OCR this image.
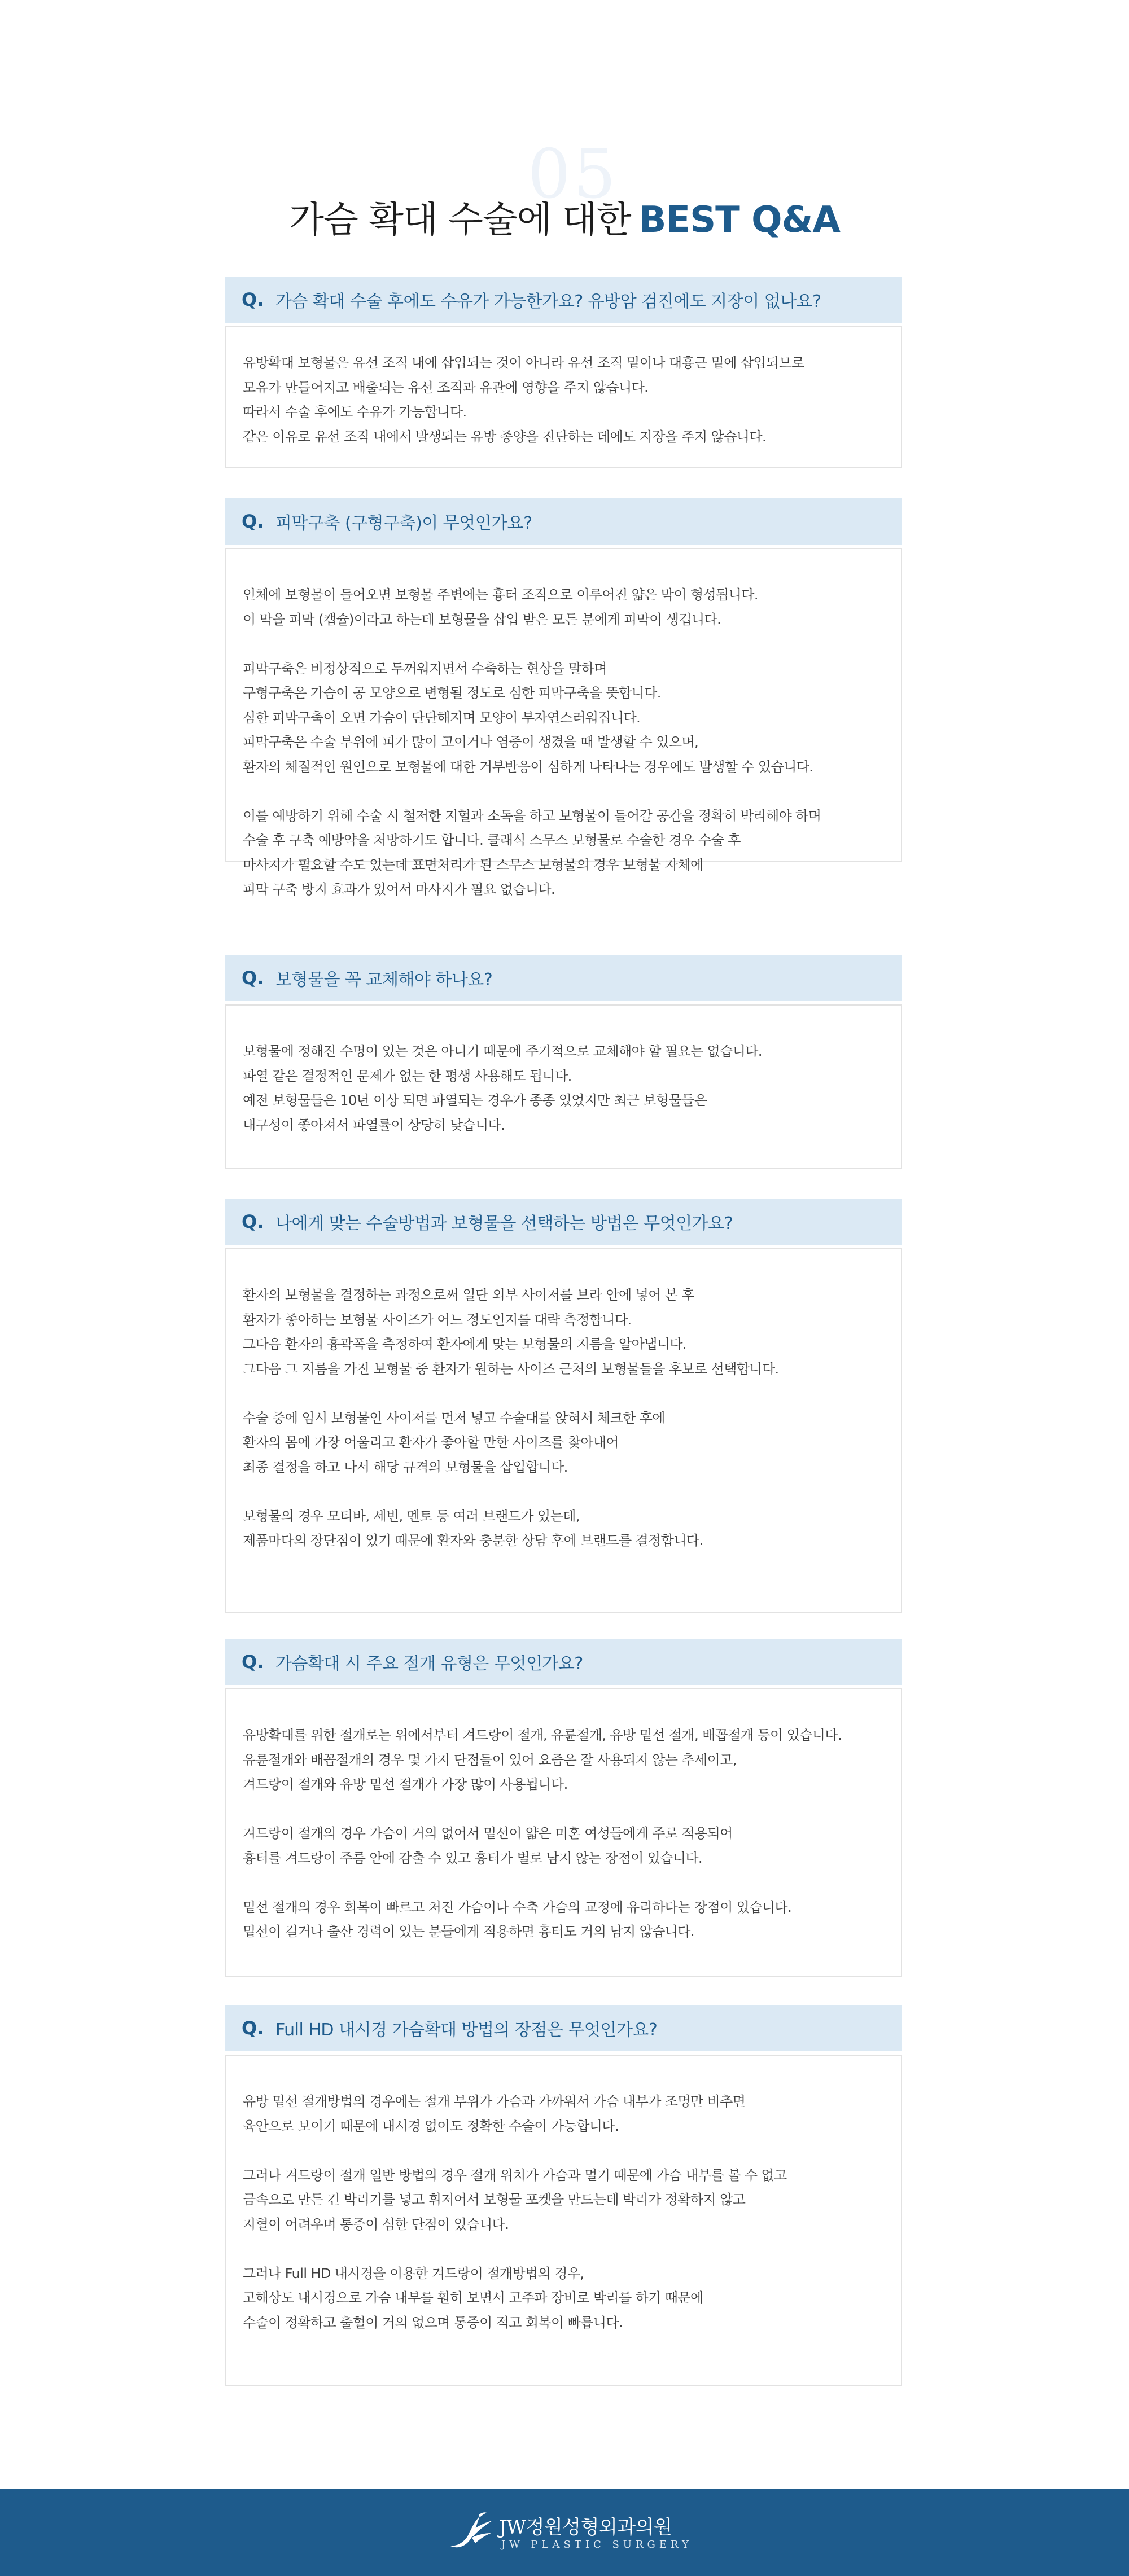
05
가슴 확대 수술에 대한 BEST Q&A
Q. 가슴 확대 수술 후에도 수유가 가능한가요? 유방암 검진에도 지장이 없나요?

유방확대 보형물은 유선 조직 내에 삽입되는 것이 아니라 유선 조직 밑이나 대흉근 밑에 삽입되므로

모유가 만들어지고 배출되는 유선 조직과 유관에 영향을 주지 않습니다.

따라서 수술 후에도 수유가 가능합니다.

같은 이유로 유선 조직 내에서 발생되는 유방 종양을 진단하는 데에도 지장을 주지 않습니다.

Q. 피막구축 (구형구축)이 무엇인가요?

인체에 보형물이 들어오면 보형물 주변에는 흉터 조직으로 이루어진 얇은 막이 형성됩니다.

이 막을 피막 (캡슐)이라고 하는데 보형물을 삽입 받은 모든 분에게 피막이 생깁니다.

피막구축은 비정상적으로 두꺼워지면서 수축하는 현상을 말하며

구형구축은 가슴이 공 모양으로 변형될 정도로 심한 피막구축을 뜻합니다.

심한 피막구축이 오면 가슴이 단단해지며 모양이 부자연스러워집니다.

피막구축은 수술 부위에 피가 많이 고이거나 염증이 생겼을 때 발생할 수 있으며,

환자의 체질적인 원인으로 보형물에 대한 거부반응이 심하게 나타나는 경우에도 발생할 수 있습니다.

이를 예방하기 위해 수술 시 철저한 지혈과 소독을 하고 보형물이 들어갈 공간을 정확히 박리해야 하며

수술 후 구축 예방약을 처방하기도 합니다. 클래식 스무스 보형물로 수술한 경우 수술 후

마사지가 필요할 수도 있는데 표면처리가 된 스무스 보형물의 경우 보형물 자체에

피막 구축 방지 효과가 있어서 마사지가 필요 없습니다.

Q. 보형물을 꼭 교체해야 하나요?

보형물에 정해진 수명이 있는 것은 아니기 때문에 주기적으로 교체해야 할 필요는 없습니다.

파열 같은 결정적인 문제가 없는 한 평생 사용해도 됩니다.

예전 보형물들은 10년 이상 되면 파열되는 경우가 종종 있었지만 최근 보형물들은

내구성이 좋아져서 파열률이 상당히 낮습니다.

Q. 나에게 맞는 수술방법과 보형물을 선택하는 방법은 무엇인가요?

환자의 보형물을 결정하는 과정으로써 일단 외부 사이저를 브라 안에 넣어 본 후

환자가 좋아하는 보형물 사이즈가 어느 정도인지를 대략 측정합니다.

그다음 환자의 흉곽폭을 측정하여 환자에게 맞는 보형물의 지름을 알아냅니다.

그다음 그 지름을 가진 보형물 중 환자가 원하는 사이즈 근처의 보형물들을 후보로 선택합니다.

수술 중에 임시 보형물인 사이저를 먼저 넣고 수술대를 앉혀서 체크한 후에

환자의 몸에 가장 어울리고 환자가 좋아할 만한 사이즈를 찾아내어

최종 결정을 하고 나서 해당 규격의 보형물을 삽입합니다.

보형물의 경우 모티바, 세빈, 멘토 등 여러 브랜드가 있는데,

제품마다의 장단점이 있기 때문에 환자와 충분한 상담 후에 브랜드를 결정합니다.

Q. 가슴확대 시 주요 절개 유형은 무엇인가요?

유방확대를 위한 절개로는 위에서부터 겨드랑이 절개, 유륜절개, 유방 밑선 절개, 배꼽절개 등이 있습니다.

유륜절개와 배꼽절개의 경우 몇 가지 단점들이 있어 요즘은 잘 사용되지 않는 추세이고,

겨드랑이 절개와 유방 밑선 절개가 가장 많이 사용됩니다.

겨드랑이 절개의 경우 가슴이 거의 없어서 밑선이 얇은 미혼 여성들에게 주로 적용되어

흉터를 겨드랑이 주름 안에 감출 수 있고 흉터가 별로 남지 않는 장점이 있습니다.

밑선 절개의 경우 회복이 빠르고 처진 가슴이나 수축 가슴의 교정에 유리하다는 장점이 있습니다.

밑선이 길거나 출산 경력이 있는 분들에게 적용하면 흉터도 거의 남지 않습니다.

Q. Full HD 내시경 가슴확대 방법의 장점은 무엇인가요?

유방 밑선 절개방법의 경우에는 절개 부위가 가슴과 가까워서 가슴 내부가 조명만 비추면

육안으로 보이기 때문에 내시경 없이도 정확한 수술이 가능합니다.

그러나 겨드랑이 절개 일반 방법의 경우 절개 위치가 가슴과 멀기 때문에 가슴 내부를 볼 수 없고

금속으로 만든 긴 박리기를 넣고 휘저어서 보형물 포켓을 만드는데 박리가 정확하지 않고

지혈이 어려우며 통증이 심한 단점이 있습니다.

그러나 Full HD 내시경을 이용한 겨드랑이 절개방법의 경우,

고해상도 내시경으로 가슴 내부를 훤히 보면서 고주파 장비로 박리를 하기 때문에

수술이 정확하고 출혈이 거의 없으며 통증이 적고 회복이 빠릅니다.

JW정원성형외과의원
JW PLASTIC SURGERY
